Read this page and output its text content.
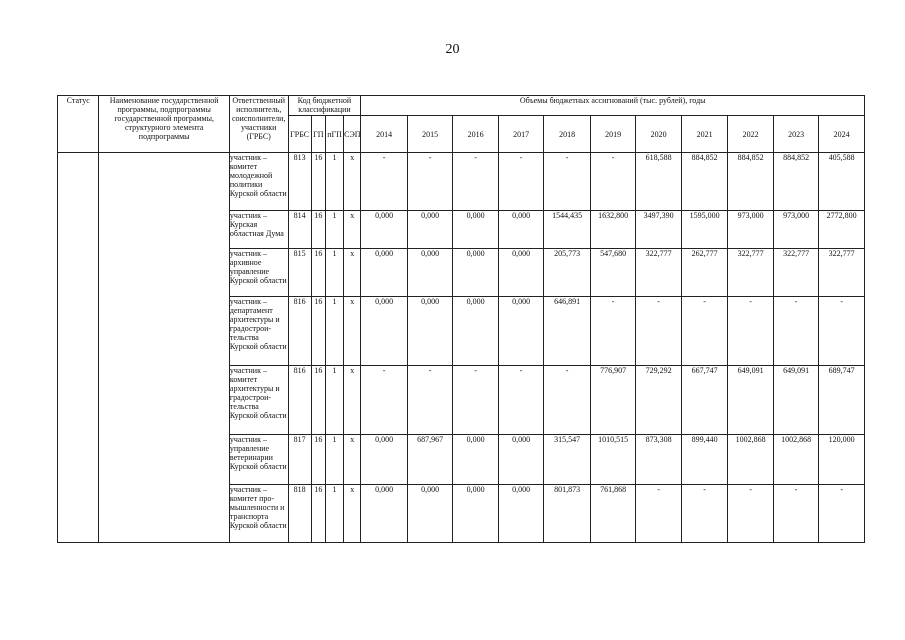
20
Статус	Наименование государственной программы, подпрограммы государственной программы, структурного элемента подпрограммы	Ответственный исполнитель, соисполнители, участники (ГРБС)	Код бюджетной классификации				Объемы бюджетных ассигнований (тыс. рублей), годы										
			ГРБС	ГП	пГП	СЭП	2014	2015	2016	2017	2018	2019	2020	2021	2022	2023	2024
		участник – комитет молодежной политики Курской области	813	16	1	x	-	-	-	-	-	-	618,588	884,852	884,852	884,852	405,588
		участник – Курская областная Дума	814	16	1	x	0,000	0,000	0,000	0,000	1544,435	1632,800	3497,390	1595,000	973,000	973,000	2772,800
		участник – архивное управление Курской области	815	16	1	x	0,000	0,000	0,000	0,000	205,773	547,680	322,777	262,777	322,777	322,777	322,777
		участник – департамент архитектуры и градострои-тельства Курской области	816	16	1	x	0,000	0,000	0,000	0,000	646,891	-	-	-	-	-	-
		участник – комитет архитектуры и градострои-тельства Курской области	816	16	1	x	-	-	-	-	-	776,907	729,292	667,747	649,091	649,091	689,747
		участник – управление ветеринарии Курской области	817	16	1	x	0,000	687,967	0,000	0,000	315,547	1010,515	873,308	899,440	1002,868	1002,868	120,000
		участник – комитет про-мышленности и транспорта Курской области	818	16	1	x	0,000	0,000	0,000	0,000	801,873	761,868	-	-	-	-	-
